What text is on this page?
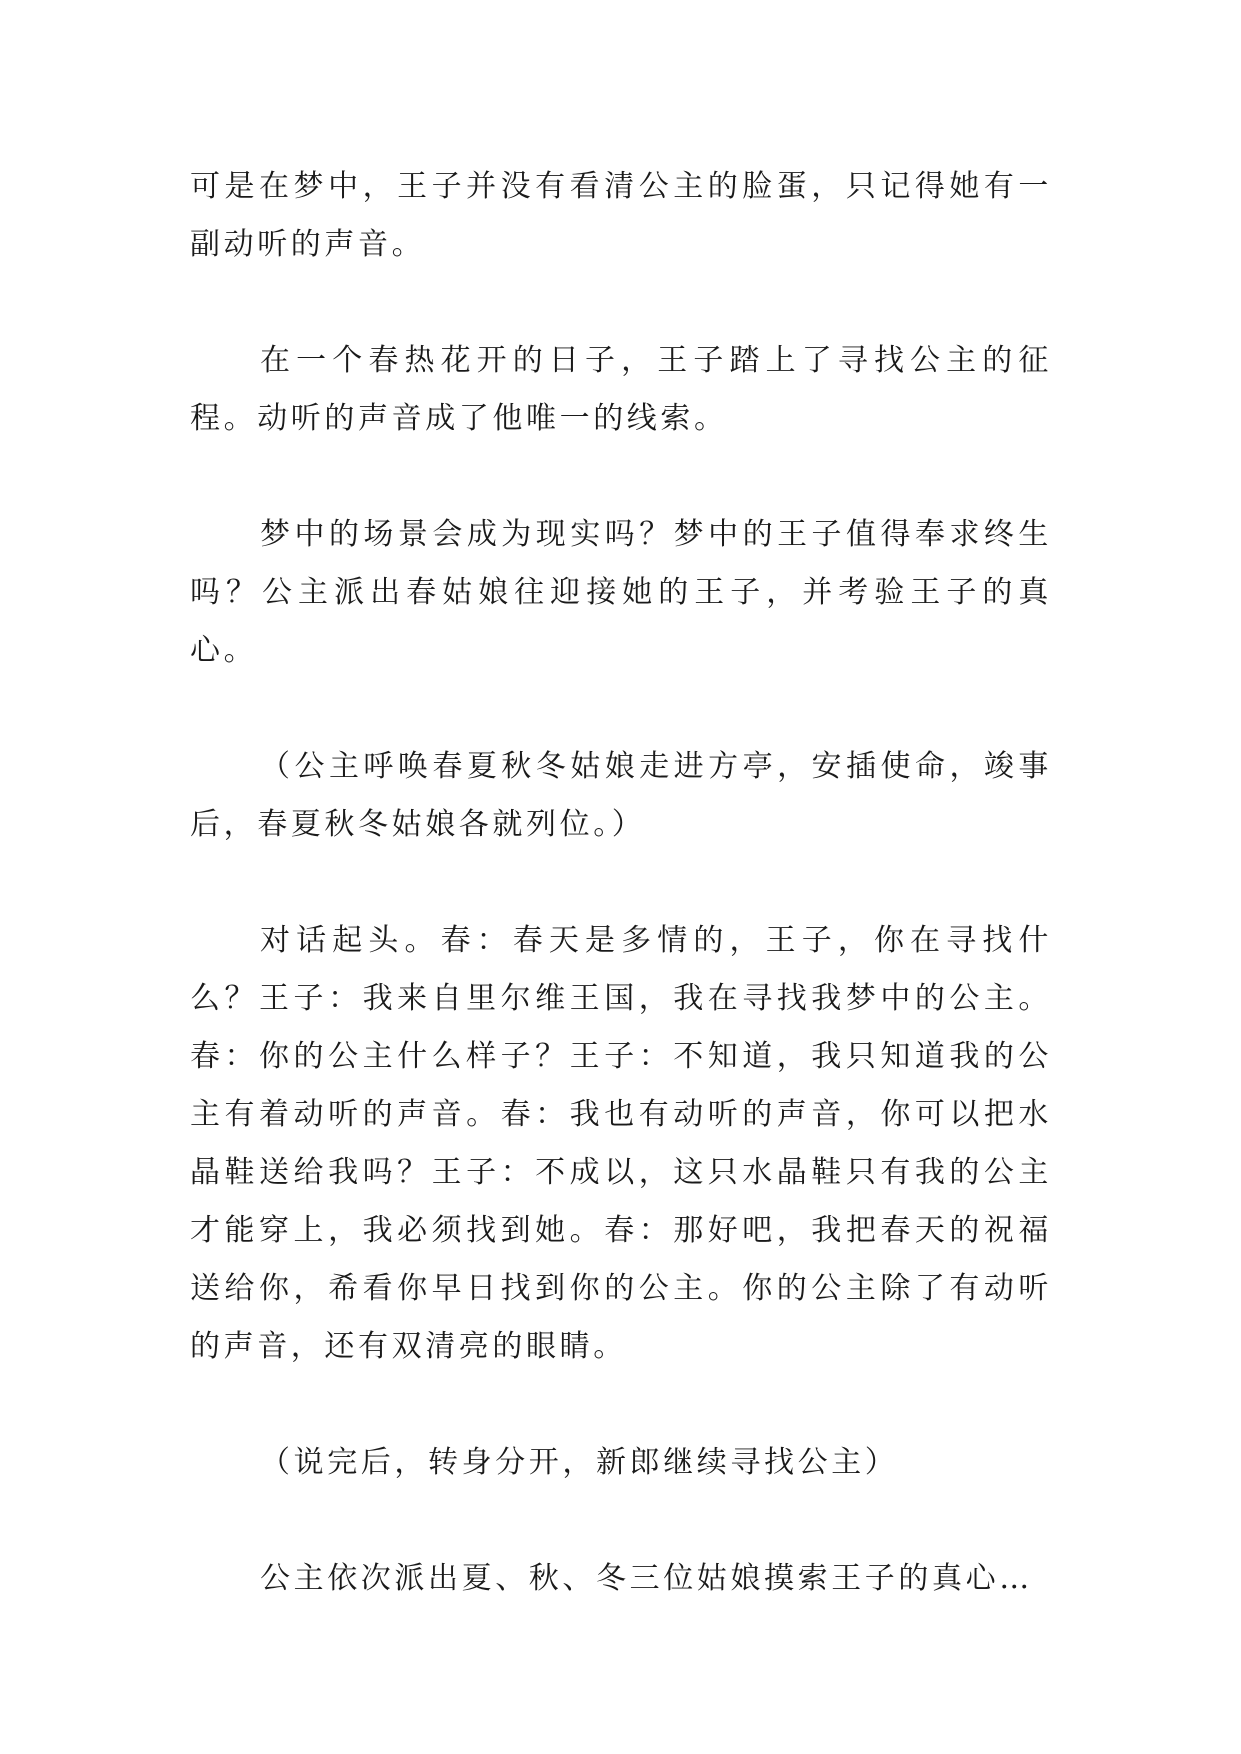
可是在梦中，王子并没有看清公主的脸蛋，只记得她有一副动听的声音。

在一个春热花开的日子，王子踏上了寻找公主的征程。动听的声音成了他唯一的线索。

梦中的场景会成为现实吗？梦中的王子值得奉求终生吗？公主派出春姑娘往迎接她的王子，并考验王子的真心。

（公主呼唤春夏秋冬姑娘走进方亭，安插使命，竣事后，春夏秋冬姑娘各就列位。）

对话起头。春：春天是多情的，王子，你在寻找什么？王子：我来自里尔维王国，我在寻找我梦中的公主。春：你的公主什么样子？王子：不知道，我只知道我的公主有着动听的声音。春：我也有动听的声音，你可以把水晶鞋送给我吗？王子：不成以，这只水晶鞋只有我的公主才能穿上，我必须找到她。春：那好吧，我把春天的祝福送给你，希看你早日找到你的公主。你的公主除了有动听的声音，还有双清亮的眼睛。

（说完后，转身分开，新郎继续寻找公主）

公主依次派出夏、秋、冬三位姑娘摸索王子的真心…
